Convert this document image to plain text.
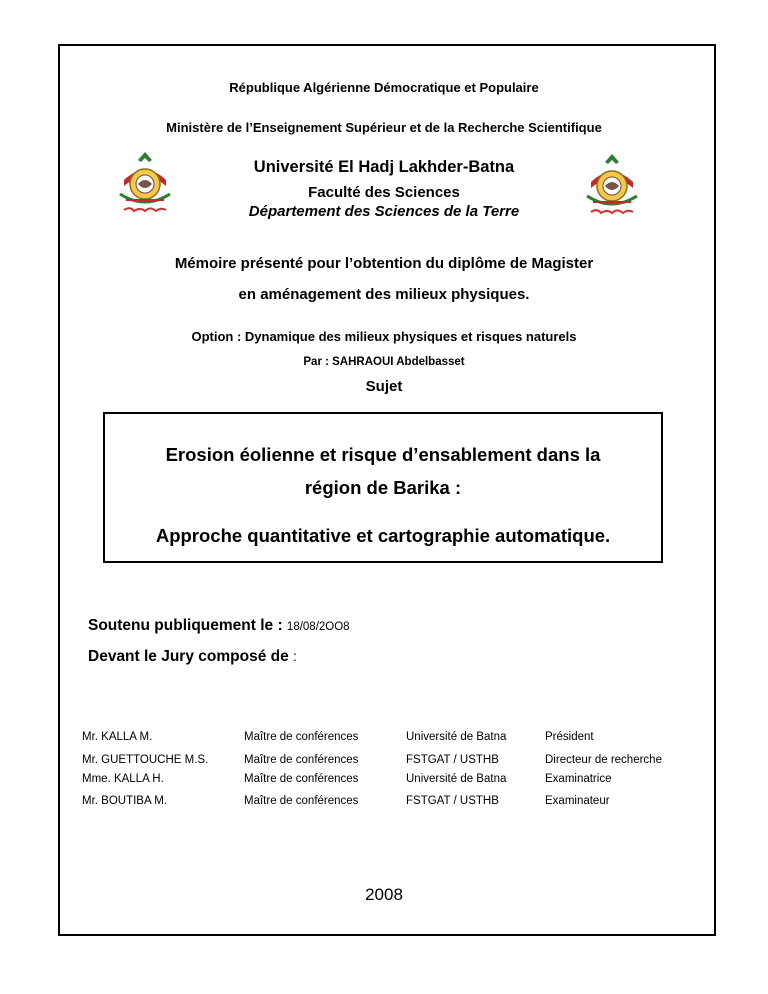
République Algérienne Démocratique et Populaire
Ministère de l’Enseignement Supérieur et de la Recherche Scientifique
Université El Hadj Lakhder-Batna
Faculté des Sciences
Département des Sciences de la Terre
Mémoire présenté pour l’obtention du diplôme de Magister
en aménagement des milieux physiques.
Option : Dynamique des milieux physiques et risques naturels
Par : SAHRAOUI Abdelbasset
Sujet
Erosion éolienne et risque d’ensablement dans la
région de Barika :
Approche quantitative et cartographie automatique.
Soutenu publiquement le : 18/08/2OO8
Devant le Jury composé de :
Mr. KALLA M.	Maître de conférences	Université de Batna	Président
Mr. GUETTOUCHE M.S.	Maître de conférences	FSTGAT / USTHB	Directeur de recherche
Mme. KALLA H.	Maître de conférences	Université de Batna	Examinatrice
Mr. BOUTIBA M.	Maître de conférences	FSTGAT / USTHB	Examinateur
2008
